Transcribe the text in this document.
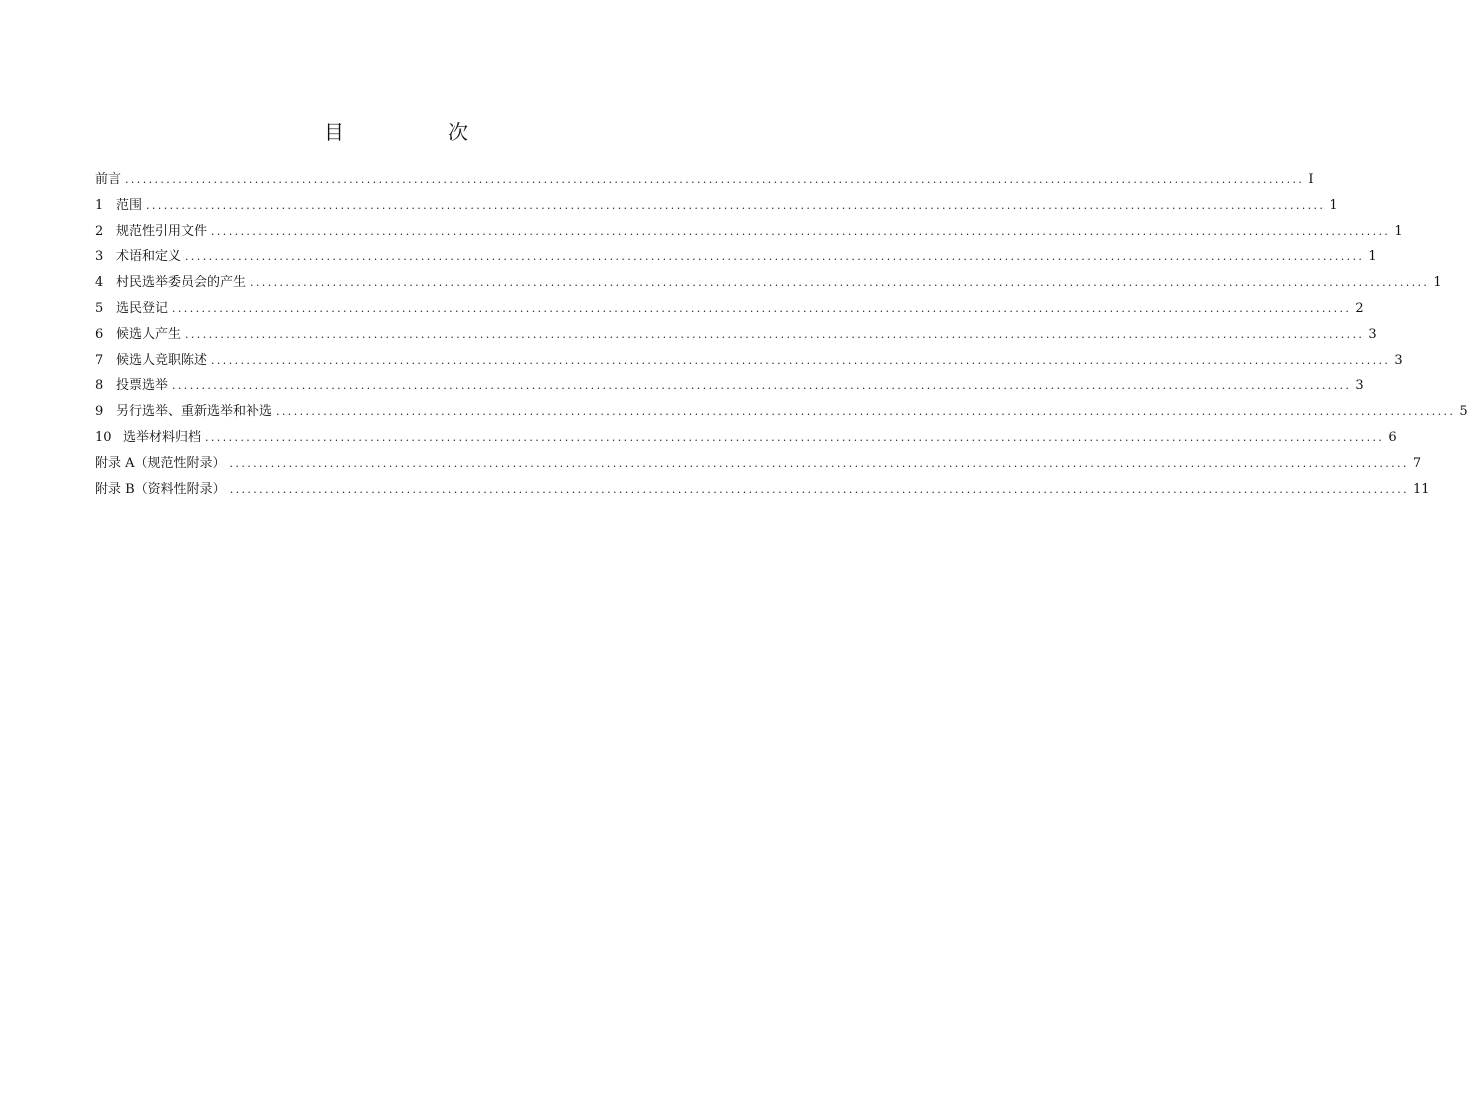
目　次
前言 ........................................................................................................................................................................................................ I
1 范围 ........................................................................................................................................................................................................ 1
2 规范性引用文件 ........................................................................................................................................................................................................ 1
3 术语和定义 ........................................................................................................................................................................................................ 1
4 村民选举委员会的产生 ........................................................................................................................................................................................................ 1
5 选民登记 ........................................................................................................................................................................................................ 2
6 候选人产生 ........................................................................................................................................................................................................ 3
7 候选人竞职陈述 ........................................................................................................................................................................................................ 3
8 投票选举 ........................................................................................................................................................................................................ 3
9 另行选举、重新选举和补选 ........................................................................................................................................................................................................ 5
10 选举材料归档 ........................................................................................................................................................................................................ 6
附录 A（规范性附录） ........................................................................................................................................................................................................ 7
附录 B（资料性附录） ........................................................................................................................................................................................................ 11
